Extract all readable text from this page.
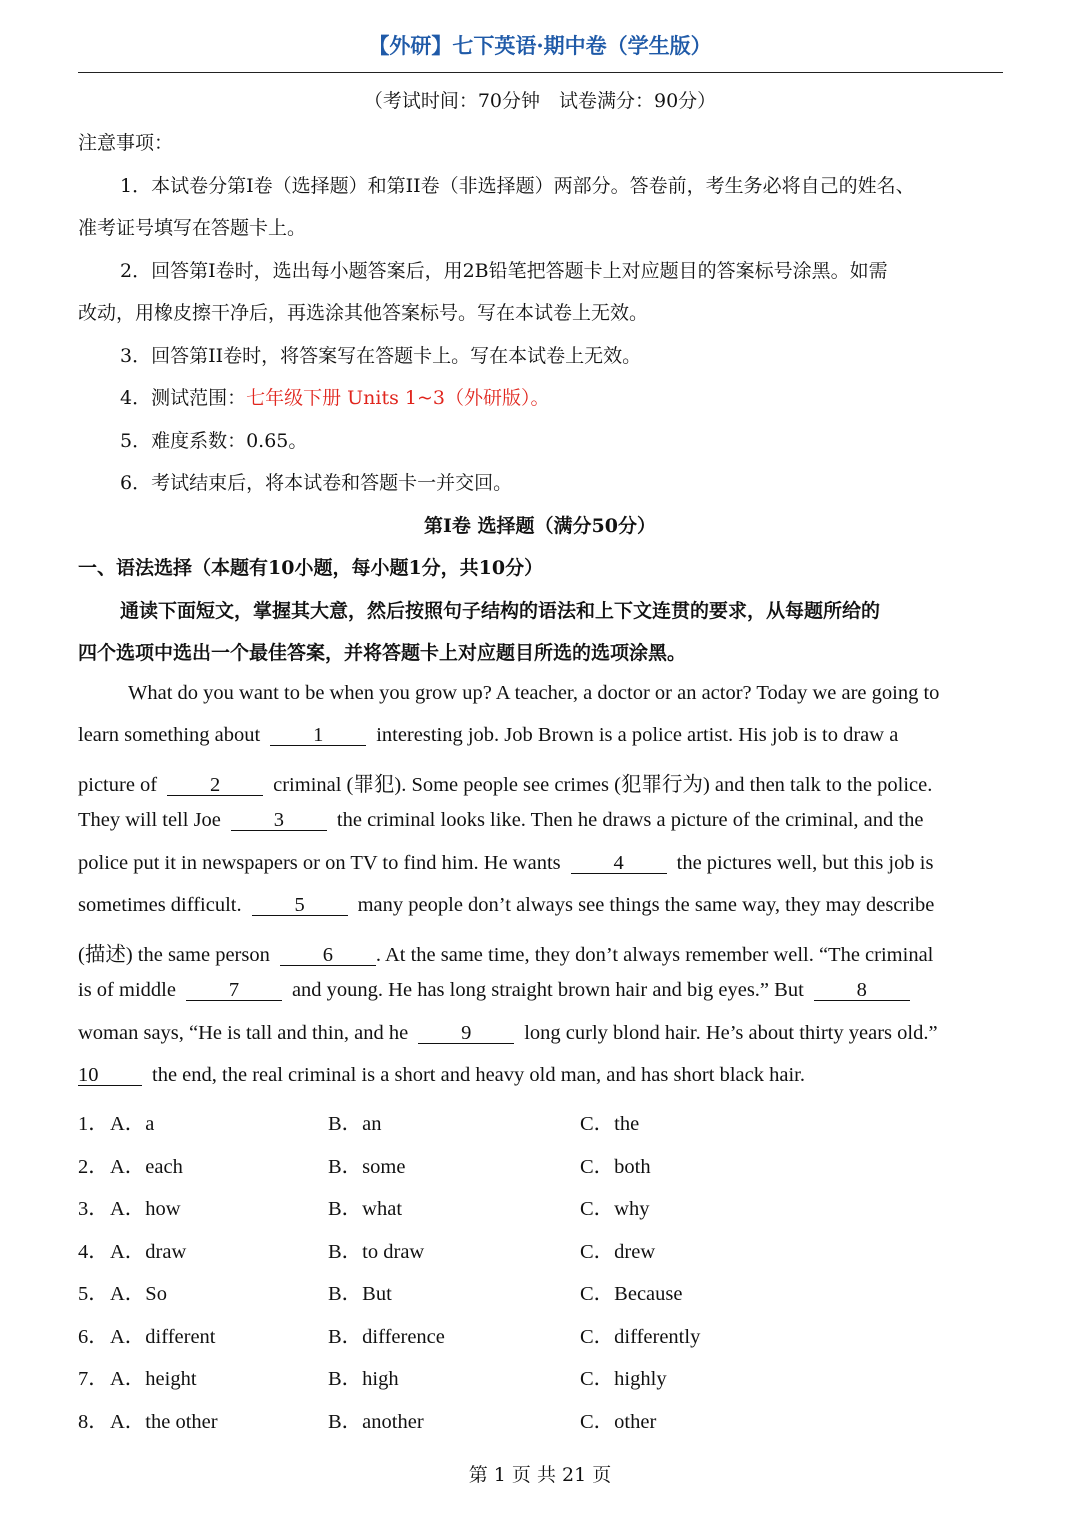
【外研】七下英语·期中卷（学生版）
（考试时间：70分钟　试卷满分：90分）
注意事项：
1．本试卷分第I卷（选择题）和第II卷（非选择题）两部分。答卷前，考生务必将自己的姓名、
准考证号填写在答题卡上。
2．回答第I卷时，选出每小题答案后，用2B铅笔把答题卡上对应题目的答案标号涂黑。如需
改动，用橡皮擦干净后，再选涂其他答案标号。写在本试卷上无效。
3．回答第II卷时，将答案写在答题卡上。写在本试卷上无效。
4．测试范围：七年级下册 Units 1~3（外研版）。
5．难度系数：0.65。
6．考试结束后，将本试卷和答题卡一并交回。
第I卷 选择题（满分50分）
一、语法选择（本题有10小题，每小题1分，共10分）
通读下面短文，掌握其大意，然后按照句子结构的语法和上下文连贯的要求，从每题所给的
四个选项中选出一个最佳答案，并将答题卡上对应题目所选的选项涂黑。
What do you want to be when you grow up? A teacher, a doctor or an actor? Today we are going to
learn something about	1	interesting job. Job Brown is a police artist. His job is to draw a
picture of	2	criminal (罪犯). Some people see crimes (犯罪行为) and then talk to the police.
They will tell Joe	3	the criminal looks like. Then he draws a picture of the criminal, and the
police put it in newspapers or on TV to find him. He wants	4	the pictures well, but this job is
sometimes difficult.	5	many people don’t always see things the same way, they may describe
(描述) the same person	6 . At the same time, they don’t always remember well. “The criminal
is of middle	7	and young. He has long straight brown hair and big eyes.” But	8
woman says, “He is tall and thin, and he	9	long curly blond hair. He’s about thirty years old.”
10	the end, the real criminal is a short and heavy old man, and has short black hair.
1． A．a	B．an	C．the
2． A．each	B．some	C．both
3． A．how	B．what	C．why
4． A．draw	B．to draw	C．drew
5． A．So	B．But	C．Because
6． A．different	B．difference	C．differently
7． A．height	B．high	C．highly
8． A．the other	B．another	C．other
第 1 页 共 21 页
